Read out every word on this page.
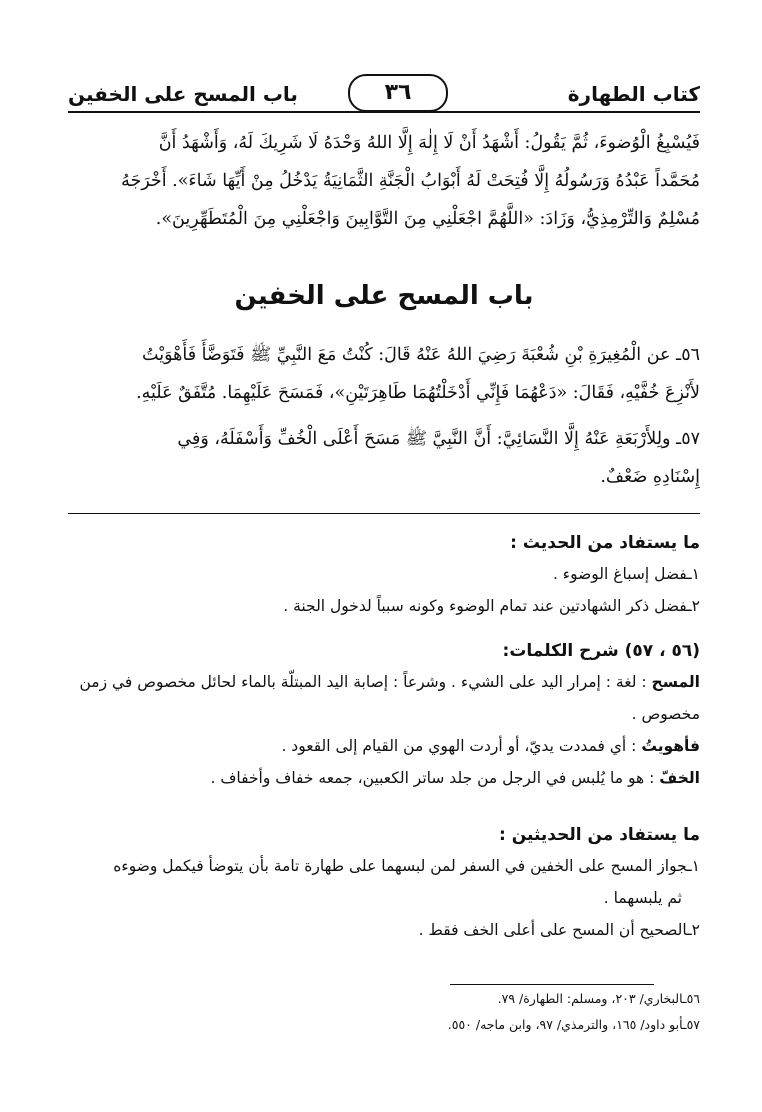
كتاب الطهارة
٣٦
باب المسح على الخفين

فَيُسْبِغُ الْوُضوءَ، ثُمَّ يَقُولُ: أَشْهَدُ أَنْ لَا إِلٰهَ إِلَّا اللهُ وَحْدَهُ لَا شَرِيكَ لَهُ، وَأَشْهَدُ أَنَّ

مُحَمَّداً عَبْدُهُ وَرَسُولُهُ إِلَّا فُتِحَتْ لَهُ أَبْوَابُ الْجَنَّةِ الثَّمَانِيَةُ يَدْخُلُ مِنْ أَيِّهَا شَاءَ». أَخْرَجَهُ

مُسْلِمٌ وَالتِّرْمِذِيُّ، وَزَادَ: «اللَّهُمَّ اجْعَلْنِي مِنَ التَّوَّابِينَ وَاجْعَلْنِي مِنَ الْمُتَطَهِّرِينَ».

باب المسح على الخفين

٥٦ـ عن الْمُغِيرَةِ بْنِ شُعْبَةَ رَضِيَ اللهُ عَنْهُ قَالَ: كُنْتُ مَعَ النَّبِيِّ ﷺ فَتَوَضَّأَ فَأَهْوَيْتُ

لأَنْزِعَ خُفَّيْهِ، فَقَالَ: «دَعْهُمَا فَإِنِّي أَدْخَلْتُهُمَا طَاهِرَتَيْنِ»، فَمَسَحَ عَلَيْهِمَا. مُتَّفَقٌ عَلَيْهِ.

٥٧ـ ولِلأَرْبَعَةِ عَنْهُ إِلَّا النَّسَائِيَّ: أَنَّ النَّبِيَّ ﷺ مَسَحَ أَعْلَى الْخُفِّ وَأَسْفَلَهُ، وَفِي

إِسْنَادِهِ ضَعْفٌ.

ما يستفاد من الحديث :

١ـفضل إسباغ الوضوء .

٢ـفضل ذكر الشهادتين عند تمام الوضوء وكونه سبباً لدخول الجنة .

(٥٦ ، ٥٧) شرح الكلمات:

المسح : لغة : إمرار اليد على الشيء . وشرعاً : إصابة اليد المبتلّة بالماء لحائل مخصوص في زمن

مخصوص .

فأهويتُ : أي فمددت يديّ، أو أردت الهوي من القيام إلى القعود .

الخفّ : هو ما يُلبس في الرجل من جلد ساتر الكعبين، جمعه خفاف وأخفاف .

ما يستفاد من الحديثين :

١ـجواز المسح على الخفين في السفر لمن لبسهما على طهارة تامة بأن يتوضأ فيكمل وضوءه

ثم يلبسهما .

٢ـالصحيح أن المسح على أعلى الخف فقط .

٥٦ـالبخاري/ ٢٠٣، ومسلم: الطهارة/ ٧٩.

٥٧ـأبو داود/ ١٦٥، والترمذي/ ٩٧، وابن ماجه/ ٥٥٠.
